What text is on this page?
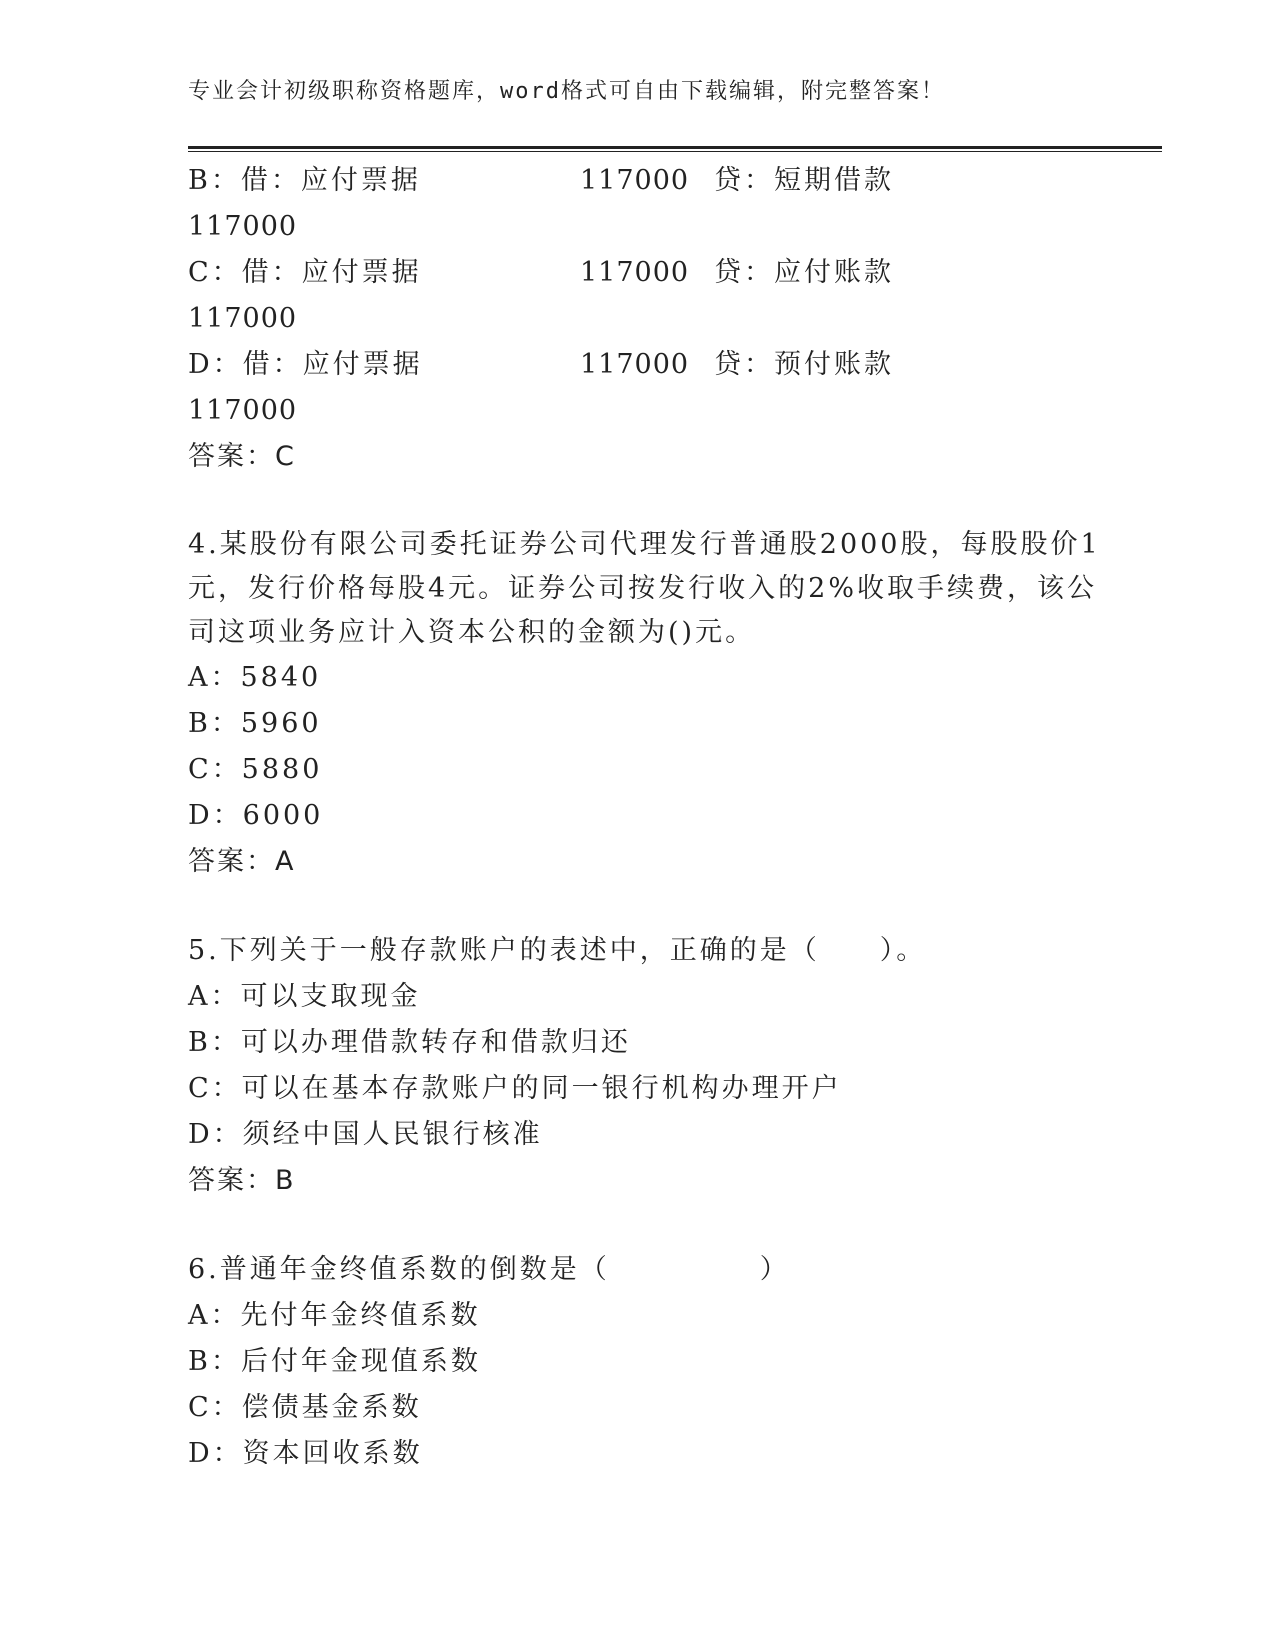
专业会计初级职称资格题库，word格式可自由下载编辑，附完整答案！
B：借：应付票据	117000 贷：短期借款
117000
C：借：应付票据	117000 贷：应付账款
117000
D：借：应付票据	117000 贷：预付账款
117000
答案：C
4.某股份有限公司委托证券公司代理发行普通股2000股，每股股价1
元，发行价格每股4元。证券公司按发行收入的2%收取手续费，该公
司这项业务应计入资本公积的金额为()元。
A：5840
B：5960
C：5880
D：6000
答案：A
5.下列关于一般存款账户的表述中，正确的是（　　）。
A：可以支取现金
B：可以办理借款转存和借款归还
C：可以在基本存款账户的同一银行机构办理开户
D：须经中国人民银行核准
答案：B
6.普通年金终值系数的倒数是（　　　　　）
A：先付年金终值系数
B：后付年金现值系数
C：偿债基金系数
D：资本回收系数
